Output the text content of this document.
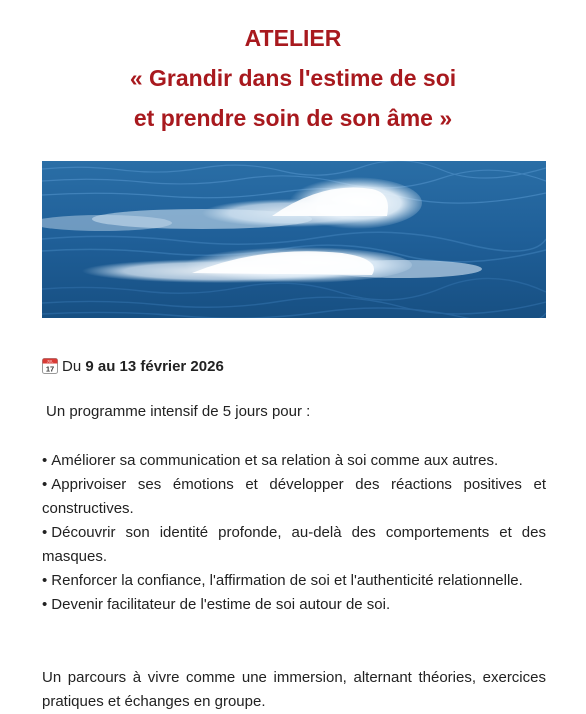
ATELIER
« Grandir dans l'estime de soi
et prendre soin de son âme »
JUL
17 Du 9 au 13 février 2026
Un programme intensif de 5 jours pour :

• Améliorer sa communication et sa relation à soi comme aux autres.

• Apprivoiser ses émotions et développer des réactions positives et constructives.

• Découvrir son identité profonde, au-delà des comportements et des masques.

• Renforcer la confiance, l'affirmation de soi et l'authenticité relationnelle.

• Devenir facilitateur de l'estime de soi autour de soi.

Un parcours à vivre comme une immersion, alternant théories, exercices pratiques et échanges en groupe.
